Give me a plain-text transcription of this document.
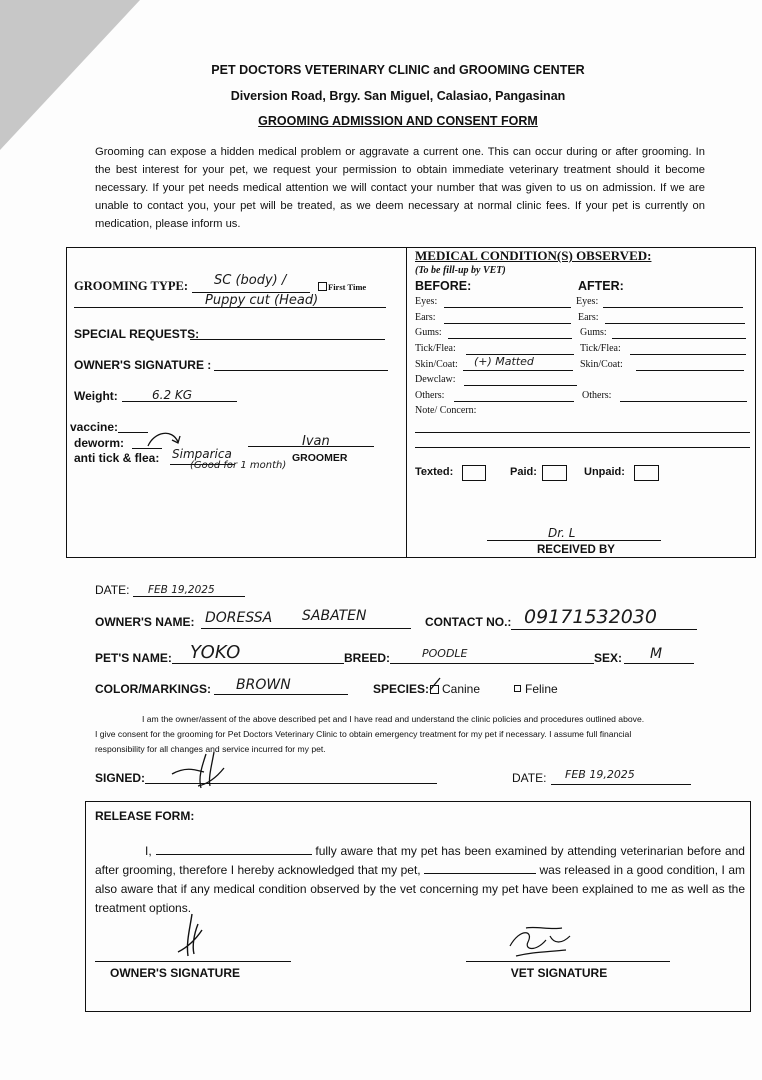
PET DOCTORS VETERINARY CLINIC and GROOMING CENTER
Diversion Road, Brgy. San Miguel, Calasiao, Pangasinan
GROOMING ADMISSION AND CONSENT FORM
Grooming can expose a hidden medical problem or aggravate a current one. This can occur during or after grooming. In the best interest for your pet, we request your permission to obtain immediate veterinary treatment should it become necessary. If your pet needs medical attention we will contact your number that was given to us on admission. If we are unable to contact you, your pet will be treated, as we deem necessary at normal clinic fees. If your pet is currently on medication, please inform us.
GROOMING TYPE: SC (body) /	First Time
Puppy cut (Head)
SPECIAL REQUESTS:
OWNER'S SIGNATURE :
Weight:	6.2 KG
vaccine:
deworm:
anti tick & flea: Simparica
(Good for 1 month)
Ivan
GROOMER
MEDICAL CONDITION(S) OBSERVED:
(To be fill-up by VET)
BEFORE:	AFTER:
Eyes:	Eyes:
Ears:	Ears:
Gums:	Gums:
Tick/Flea:	Tick/Flea:
Skin/Coat: (+) Matted	Skin/Coat:
Dewclaw:
Others:	Others:
Note/ Concern:
Texted:	Paid:	Unpaid:
Dr. L
RECEIVED BY
DATE: FEB 19,2025
OWNER'S NAME: DORESSA SABATEN	CONTACT NO.: 09171532030
PET'S NAME: YOKO	BREED:	POODLE	SEX: M
COLOR/MARKINGS: BROWN	SPECIES: Canine	Feline
I am the owner/assent of the above described pet and I have read and understand the clinic policies and procedures outlined above.
I give consent for the grooming for Pet Doctors Veterinary Clinic to obtain emergency treatment for my pet if necessary. I assume full financial
responsibility for all changes and service incurred for my pet.
SIGNED:	DATE: FEB 19,2025
RELEASE FORM:
I,	fully aware that my pet has been examined by attending veterinarian before and after grooming, therefore I hereby acknowledged that my pet,	was released in a good condition, I am also aware that if any medical condition observed by the vet concerning my pet have been explained to me as well as the treatment options.
OWNER'S SIGNATURE	VET SIGNATURE
